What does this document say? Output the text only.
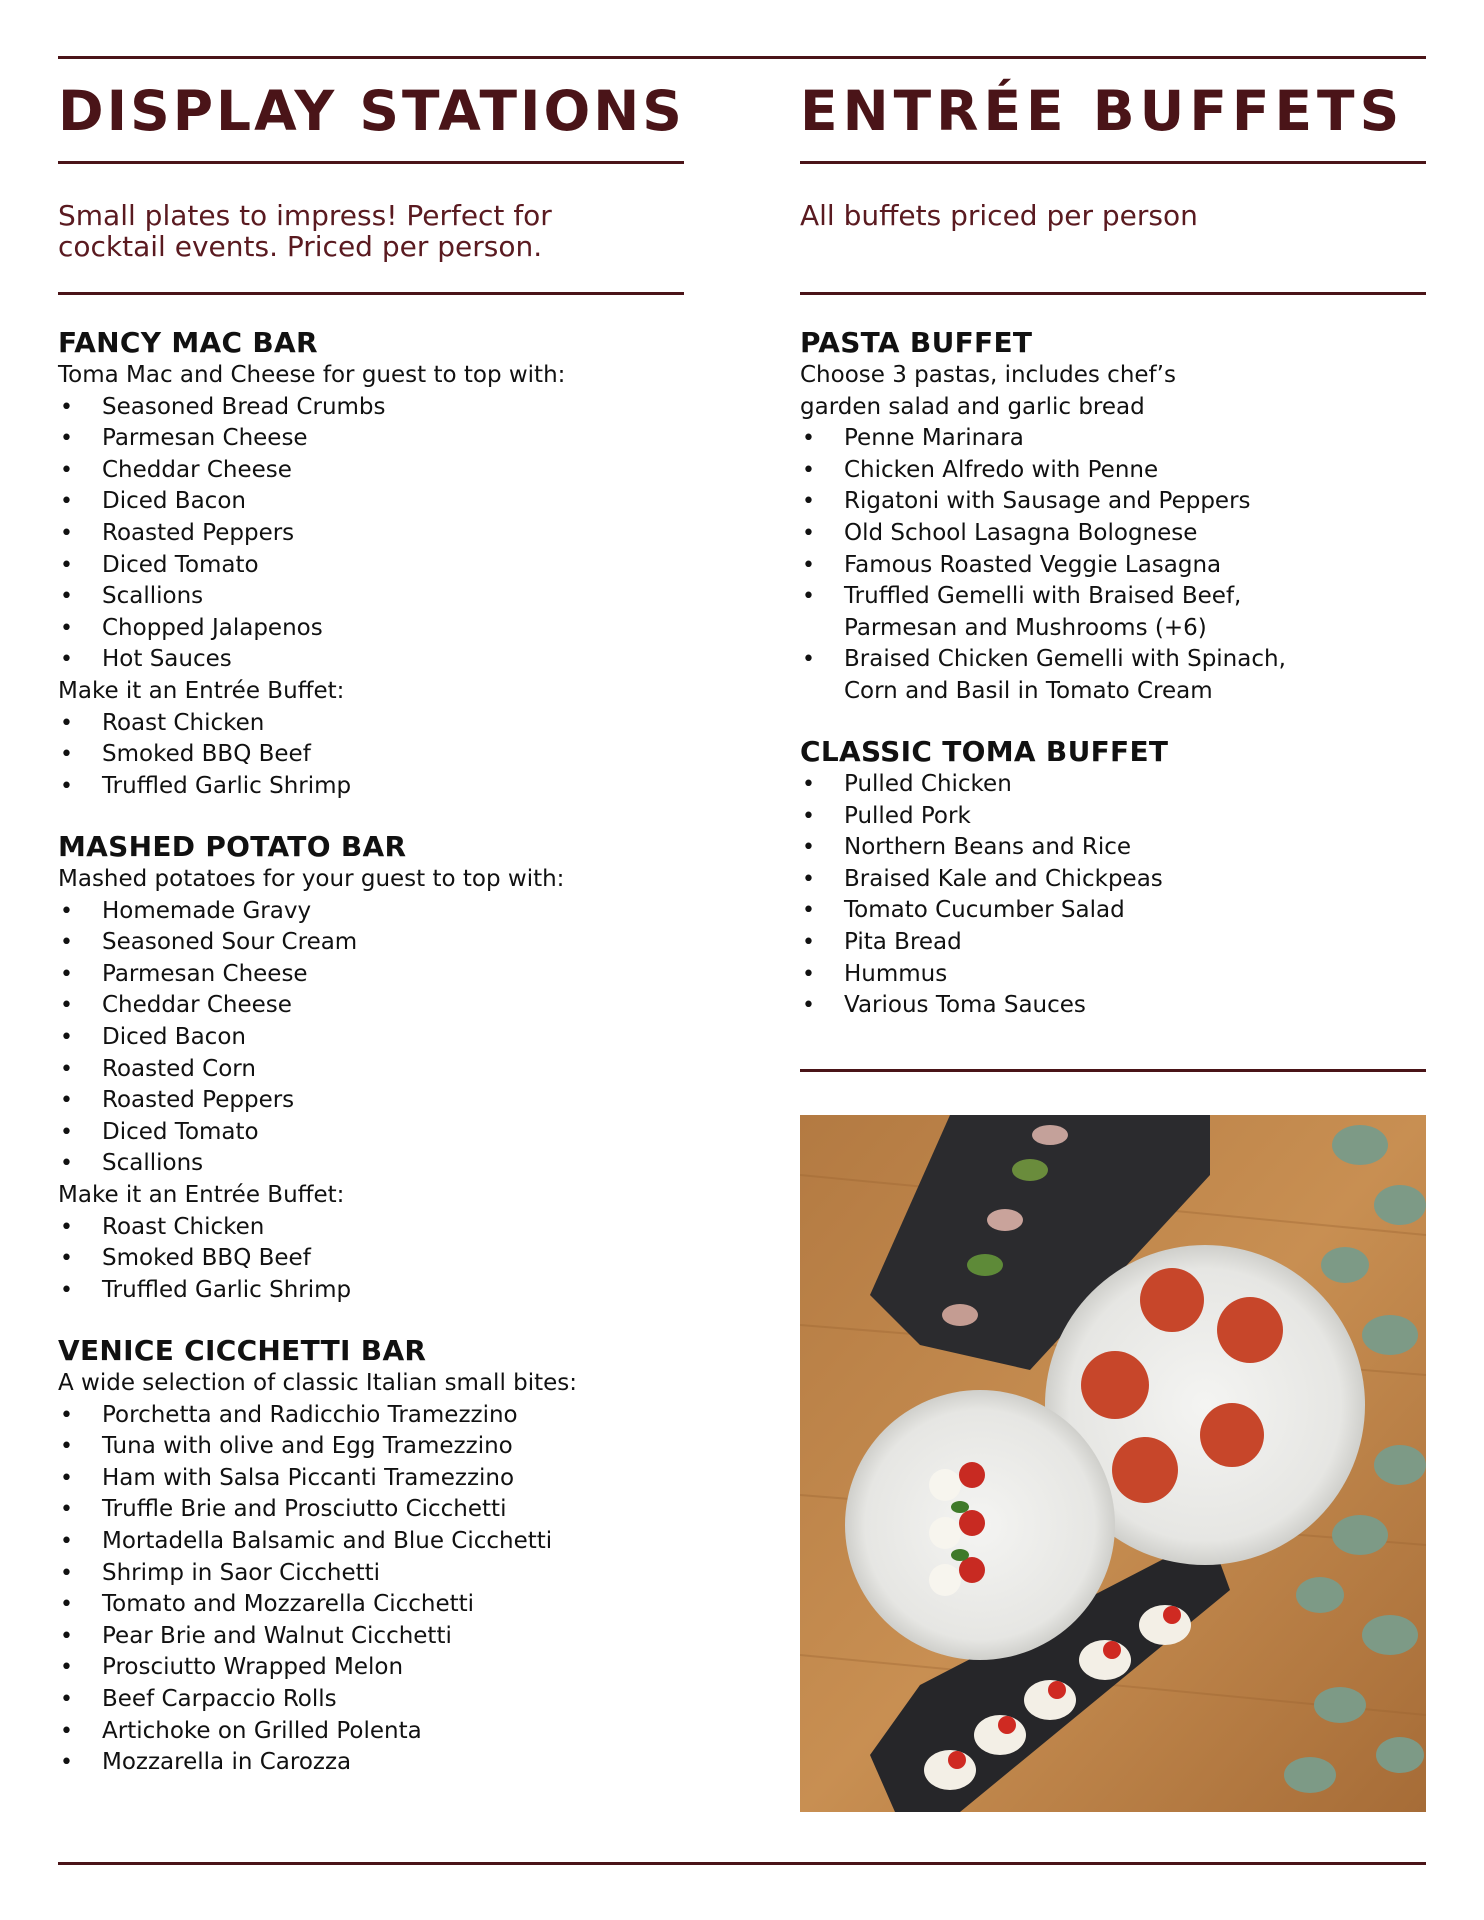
DISPLAY STATIONS

Small plates to impress! Perfect for cocktail events. Priced per person.

FANCY MAC BAR

Toma Mac and Cheese for guest to top with:

• Seasoned Bread Crumbs
• Parmesan Cheese
• Cheddar Cheese
• Diced Bacon
• Roasted Peppers
• Diced Tomato
• Scallions
• Chopped Jalapenos
• Hot Sauces

Make it an Entrée Buffet:

• Roast Chicken
• Smoked BBQ Beef
• Truffled Garlic Shrimp
MASHED POTATO BAR

Mashed potatoes for your guest to top with:

• Homemade Gravy
• Seasoned Sour Cream
• Parmesan Cheese
• Cheddar Cheese
• Diced Bacon
• Roasted Corn
• Roasted Peppers
• Diced Tomato
• Scallions

Make it an Entrée Buffet:

• Roast Chicken
• Smoked BBQ Beef
• Truffled Garlic Shrimp
VENICE CICCHETTI BAR

A wide selection of classic Italian small bites:

• Porchetta and Radicchio Tramezzino
• Tuna with olive and Egg Tramezzino
• Ham with Salsa Piccanti Tramezzino
• Truffle Brie and Prosciutto Cicchetti
• Mortadella Balsamic and Blue Cicchetti
• Shrimp in Saor Cicchetti
• Tomato and Mozzarella Cicchetti
• Pear Brie and Walnut Cicchetti
• Prosciutto Wrapped Melon
• Beef Carpaccio Rolls
• Artichoke on Grilled Polenta
• Mozzarella in Carozza
ENTRÉE BUFFETS

All buffets priced per person

PASTA BUFFET

Choose 3 pastas, includes chef’s

garden salad and garlic bread

• Penne Marinara
• Chicken Alfredo with Penne
• Rigatoni with Sausage and Peppers
• Old School Lasagna Bolognese
• Famous Roasted Veggie Lasagna
• Truffled Gemelli with Braised Beef,
Parmesan and Mushrooms (+6)
• Braised Chicken Gemelli with Spinach,
Corn and Basil in Tomato Cream
CLASSIC TOMA BUFFET
• Pulled Chicken
• Pulled Pork
• Northern Beans and Rice
• Braised Kale and Chickpeas
• Tomato Cucumber Salad
• Pita Bread
• Hummus
• Various Toma Sauces
